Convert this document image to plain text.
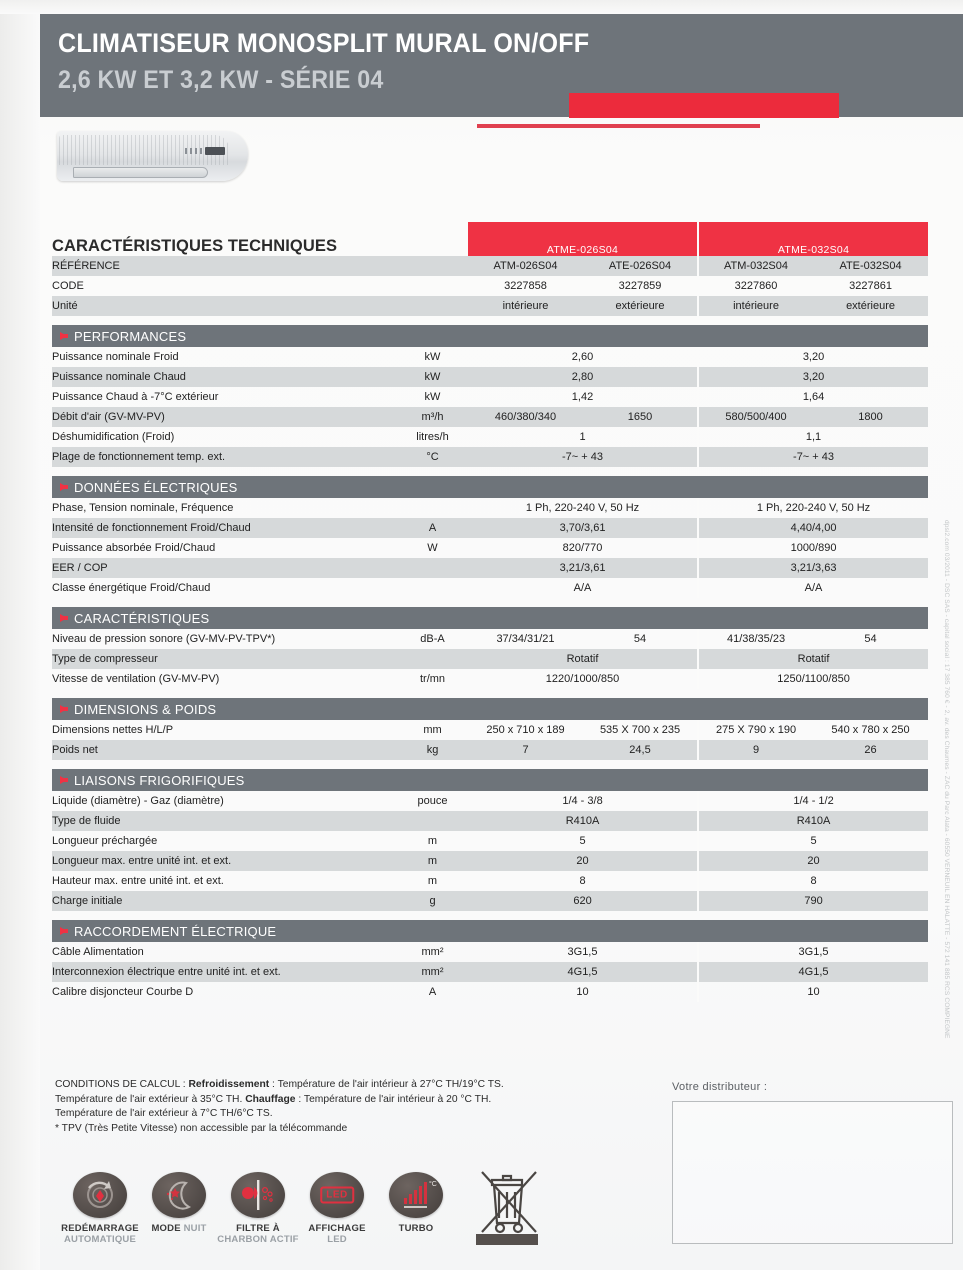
CLIMATISEUR MONOSPLIT MURAL ON/OFF
2,6 KW ET 3,2 KW - SÉRIE 04
CARACTÉRISTIQUES TECHNIQUES		ATME-026S04		ATME-032S04	
RÉFÉRENCE		ATM-026S04	ATE-026S04	ATM-032S04	ATE-032S04
CODE		3227858	3227859	3227860	3227861
Unité		intérieure	extérieure	intérieure	extérieure

PERFORMANCES					

Puissance nominale Froid	kW	2,60		3,20	
Puissance nominale Chaud	kW	2,80		3,20	
Puissance Chaud à -7°C extérieur	kW	1,42		1,64	
Débit d'air (GV-MV-PV)	m³/h	460/380/340	1650	580/500/400	1800
Déshumidification (Froid)	litres/h	1		1,1	
Plage de fonctionnement temp. ext.	°C	-7~ + 43		-7~ + 43	

DONNÉES ÉLECTRIQUES					

Phase, Tension nominale, Fréquence		1 Ph, 220-240 V, 50 Hz		1 Ph, 220-240 V, 50 Hz	
Intensité de fonctionnement Froid/Chaud	A	3,70/3,61		4,40/4,00	
Puissance absorbée Froid/Chaud	W	820/770		1000/890	
EER / COP		3,21/3,61		3,21/3,63	
Classe énergétique Froid/Chaud		A/A		A/A	

CARACTÉRISTIQUES					

Niveau de pression sonore (GV-MV-PV-TPV*)	dB-A	37/34/31/21	54	41/38/35/23	54
Type de compresseur		Rotatif		Rotatif	
Vitesse de ventilation (GV-MV-PV)	tr/mn	1220/1000/850		1250/1100/850	

DIMENSIONS & POIDS					

Dimensions nettes H/L/P	mm	250 x 710 x 189	535 X 700 x 235	275 X 790 x 190	540 x 780 x 250
Poids net	kg	7	24,5	9	26

LIAISONS FRIGORIFIQUES					

Liquide (diamètre) - Gaz (diamètre)	pouce	1/4 - 3/8		1/4 - 1/2	
Type de fluide		R410A		R410A	
Longueur préchargée	m	5		5	
Longueur max. entre unité int. et ext.	m	20		20	
Hauteur max. entre unité int. et ext.	m	8		8	
Charge initiale	g	620		790	

RACCORDEMENT ÉLECTRIQUE					

Câble Alimentation	mm²	3G1,5		3G1,5	
Interconnexion électrique entre unité int. et ext.	mm²	4G1,5		4G1,5	
Calibre disjoncteur Courbe D	A	10		10	
CONDITIONS DE CALCUL : Refroidissement : Température de l'air intérieur à 27°C TH/19°C TS.
Température de l'air extérieur à 35°C TH. Chauffage : Température de l'air intérieur à 20 °C TH.
Température de l'air extérieur à 7°C TH/6°C TS.
* TPV (Très Petite Vitesse) non accessible par la télécommande
Votre distributeur :
REDÉMARRAGE
AUTOMATIQUE
MODE NUIT	FILTRE À
CHARBON ACTIF
LED
AFFICHAGE
LED
°C
TURBO
dpsi2.com 03/2011 - DSC SAS - capital social : 17 385 760 € - 2, av. des Chaumes - ZAC du Parc Alata - 60550 VERNEUIL EN HALATTE - 572 141 885 RCS COMPIEGNE
